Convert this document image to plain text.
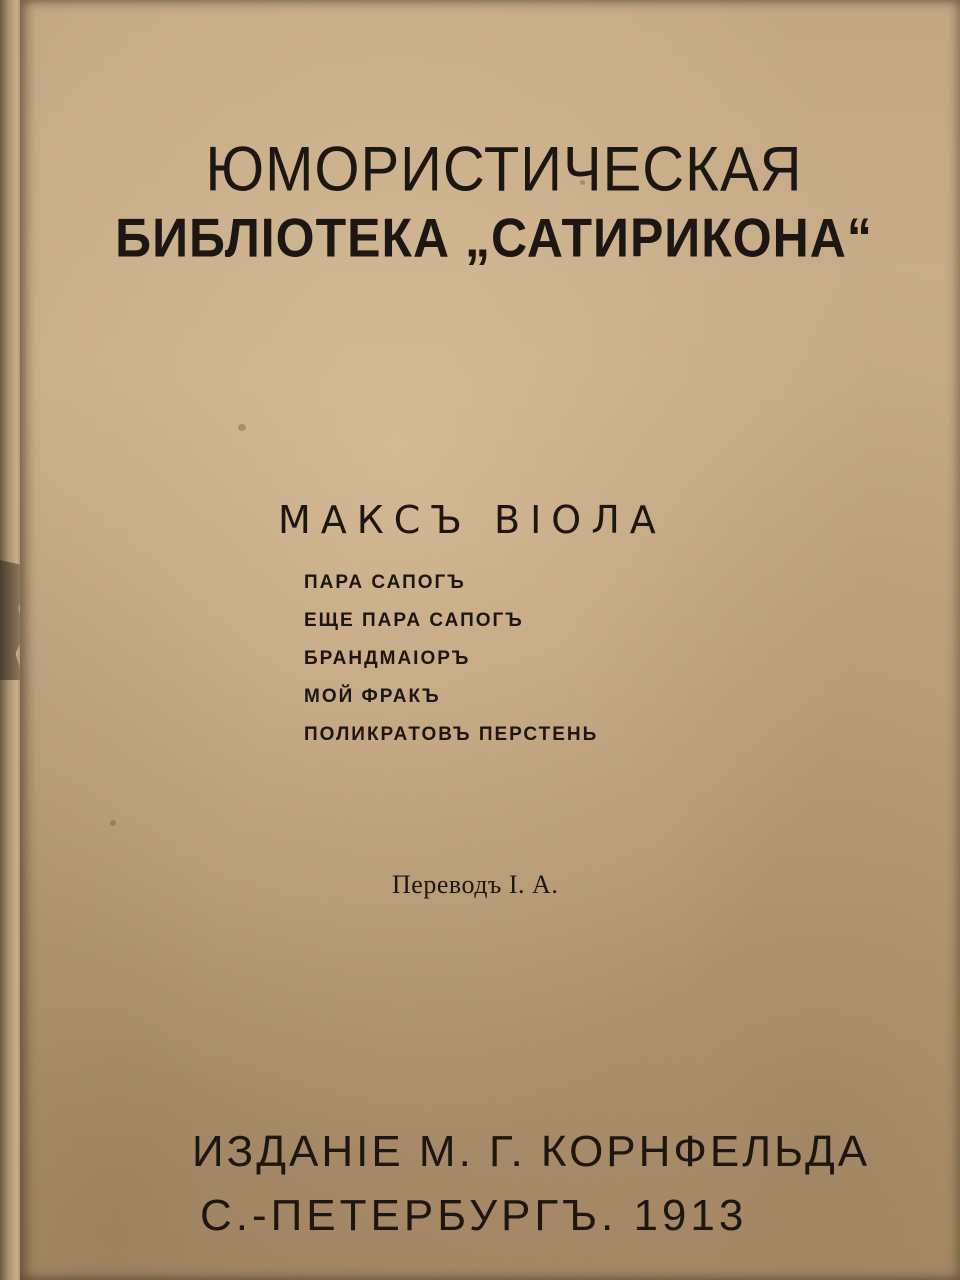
ЮМОРИСТИЧЕСКАЯ

БИБЛІОТЕКА „САТИРИКОНА“

МАКСЪ ВІОЛА

ПАРА САПОГЪ
ЕЩЕ ПАРА САПОГЪ
БРАНДМАІОРЪ
МОЙ ФРАКЪ
ПОЛИКРАТОВЪ ПЕРСТЕНЬ

Переводъ І. А.

ИЗДАНІЕ М. Г. КОРНФЕЛЬДА

С.-ПЕТЕРБУРГЪ. 1913
